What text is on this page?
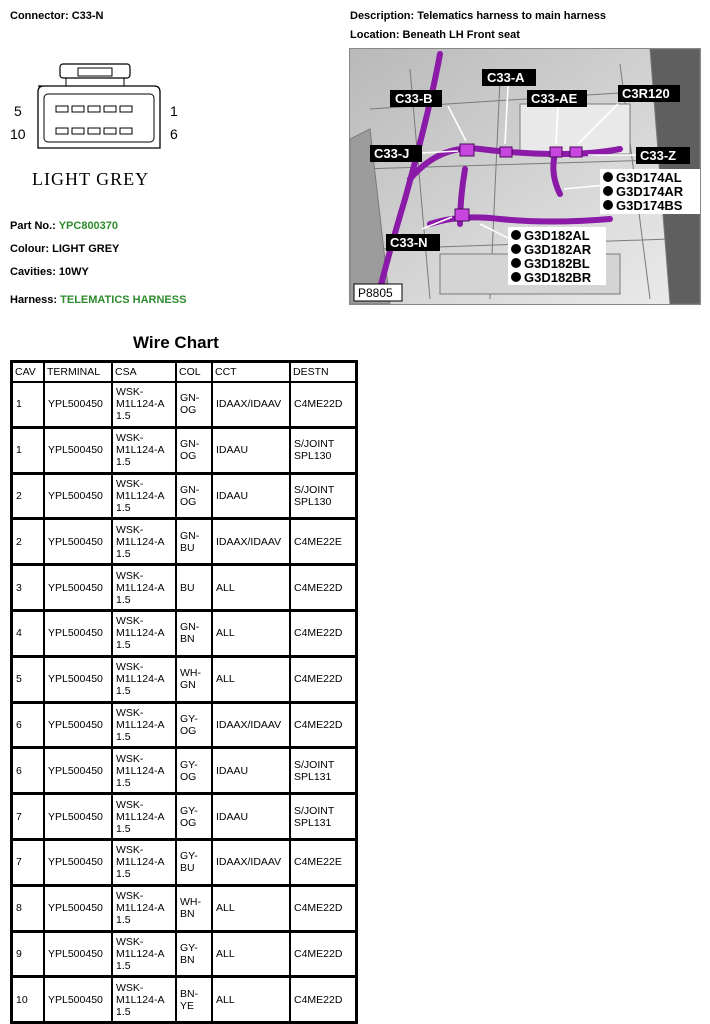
Connector: C33-N	Description: Telematics harness to main harness
Location: Beneath LH Front seat
5	1
10	6
LIGHT GREY
Part No.: YPC800370
Colour: LIGHT GREY
Cavities: 10WY
Harness: TELEMATICS HARNESS
C33-A
C33-B	C33-AE	C3R120
C33-J	C33-Z
C33-N
G3D174AL
G3D174AR
G3D174BS
G3D182AL
G3D182AR
G3D182BL
G3D182BR
P8805
Wire Chart
CAV	TERMINAL	CSA	COL	CCT	DESTN
1	YPL500450	WSK-
M1L124-A
1.5	GN-
OG	IDAAX/IDAAV	C4ME22D
1	YPL500450	WSK-
M1L124-A
1.5	GN-
OG	IDAAU	S/JOINT
SPL130
2	YPL500450	WSK-
M1L124-A
1.5	GN-
OG	IDAAU	S/JOINT
SPL130
2	YPL500450	WSK-
M1L124-A
1.5	GN-
BU	IDAAX/IDAAV	C4ME22E
3	YPL500450	WSK-
M1L124-A
1.5	BU	ALL	C4ME22D
4	YPL500450	WSK-
M1L124-A
1.5	GN-
BN	ALL	C4ME22D
5	YPL500450	WSK-
M1L124-A
1.5	WH-
GN	ALL	C4ME22D
6	YPL500450	WSK-
M1L124-A
1.5	GY-
OG	IDAAX/IDAAV	C4ME22D
6	YPL500450	WSK-
M1L124-A
1.5	GY-
OG	IDAAU	S/JOINT
SPL131
7	YPL500450	WSK-
M1L124-A
1.5	GY-
OG	IDAAU	S/JOINT
SPL131
7	YPL500450	WSK-
M1L124-A
1.5	GY-
BU	IDAAX/IDAAV	C4ME22E
8	YPL500450	WSK-
M1L124-A
1.5	WH-
BN	ALL	C4ME22D
9	YPL500450	WSK-
M1L124-A
1.5	GY-
BN	ALL	C4ME22D
10	YPL500450	WSK-
M1L124-A
1.5	BN-
YE	ALL	C4ME22D
